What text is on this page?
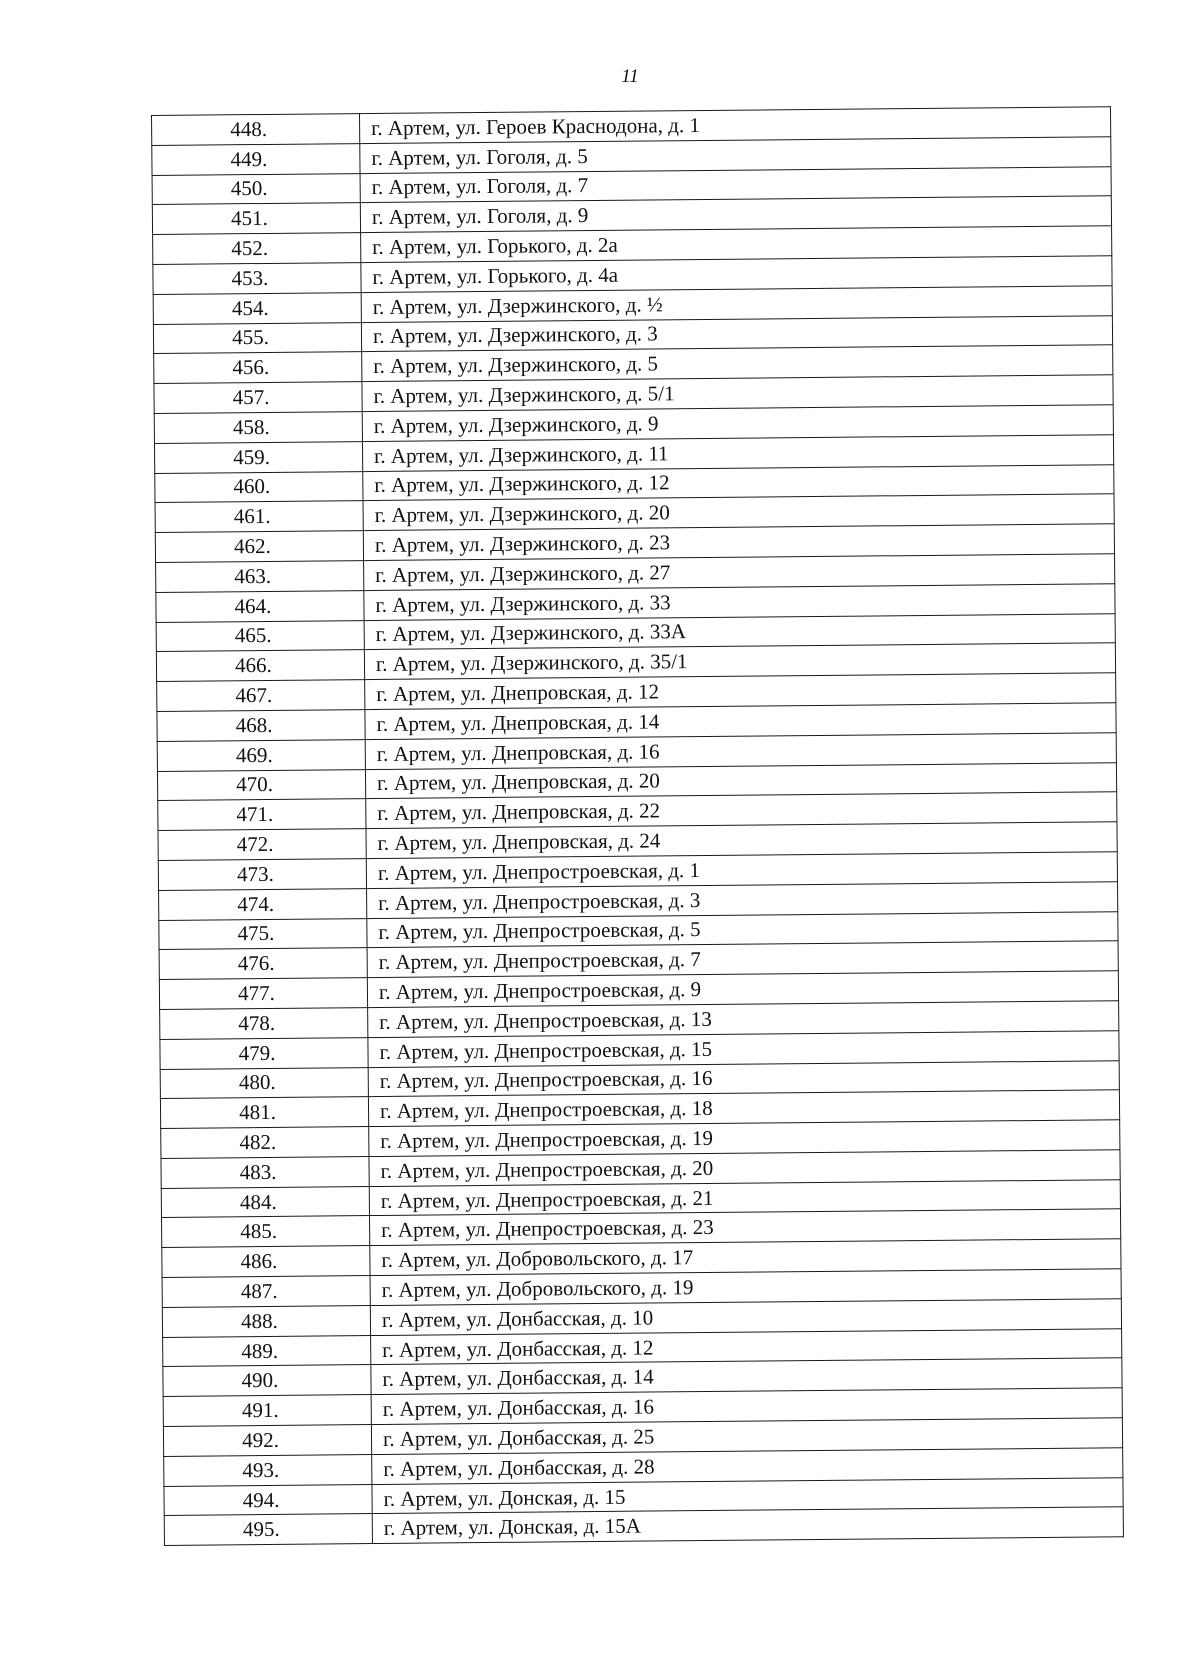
11
448.	г. Артем, ул. Героев Краснодона, д. 1
449.	г. Артем, ул. Гоголя, д. 5
450.	г. Артем, ул. Гоголя, д. 7
451.	г. Артем, ул. Гоголя, д. 9
452.	г. Артем, ул. Горького, д. 2а
453.	г. Артем, ул. Горького, д. 4а
454.	г. Артем, ул. Дзержинского, д. ½
455.	г. Артем, ул. Дзержинского, д. 3
456.	г. Артем, ул. Дзержинского, д. 5
457.	г. Артем, ул. Дзержинского, д. 5/1
458.	г. Артем, ул. Дзержинского, д. 9
459.	г. Артем, ул. Дзержинского, д. 11
460.	г. Артем, ул. Дзержинского, д. 12
461.	г. Артем, ул. Дзержинского, д. 20
462.	г. Артем, ул. Дзержинского, д. 23
463.	г. Артем, ул. Дзержинского, д. 27
464.	г. Артем, ул. Дзержинского, д. 33
465.	г. Артем, ул. Дзержинского, д. 33А
466.	г. Артем, ул. Дзержинского, д. 35/1
467.	г. Артем, ул. Днепровская, д. 12
468.	г. Артем, ул. Днепровская, д. 14
469.	г. Артем, ул. Днепровская, д. 16
470.	г. Артем, ул. Днепровская, д. 20
471.	г. Артем, ул. Днепровская, д. 22
472.	г. Артем, ул. Днепровская, д. 24
473.	г. Артем, ул. Днепростроевская, д. 1
474.	г. Артем, ул. Днепростроевская, д. 3
475.	г. Артем, ул. Днепростроевская, д. 5
476.	г. Артем, ул. Днепростроевская, д. 7
477.	г. Артем, ул. Днепростроевская, д. 9
478.	г. Артем, ул. Днепростроевская, д. 13
479.	г. Артем, ул. Днепростроевская, д. 15
480.	г. Артем, ул. Днепростроевская, д. 16
481.	г. Артем, ул. Днепростроевская, д. 18
482.	г. Артем, ул. Днепростроевская, д. 19
483.	г. Артем, ул. Днепростроевская, д. 20
484.	г. Артем, ул. Днепростроевская, д. 21
485.	г. Артем, ул. Днепростроевская, д. 23
486.	г. Артем, ул. Добровольского, д. 17
487.	г. Артем, ул. Добровольского, д. 19
488.	г. Артем, ул. Донбасская, д. 10
489.	г. Артем, ул. Донбасская, д. 12
490.	г. Артем, ул. Донбасская, д. 14
491.	г. Артем, ул. Донбасская, д. 16
492.	г. Артем, ул. Донбасская, д. 25
493.	г. Артем, ул. Донбасская, д. 28
494.	г. Артем, ул. Донская, д. 15
495.	г. Артем, ул. Донская, д. 15А
